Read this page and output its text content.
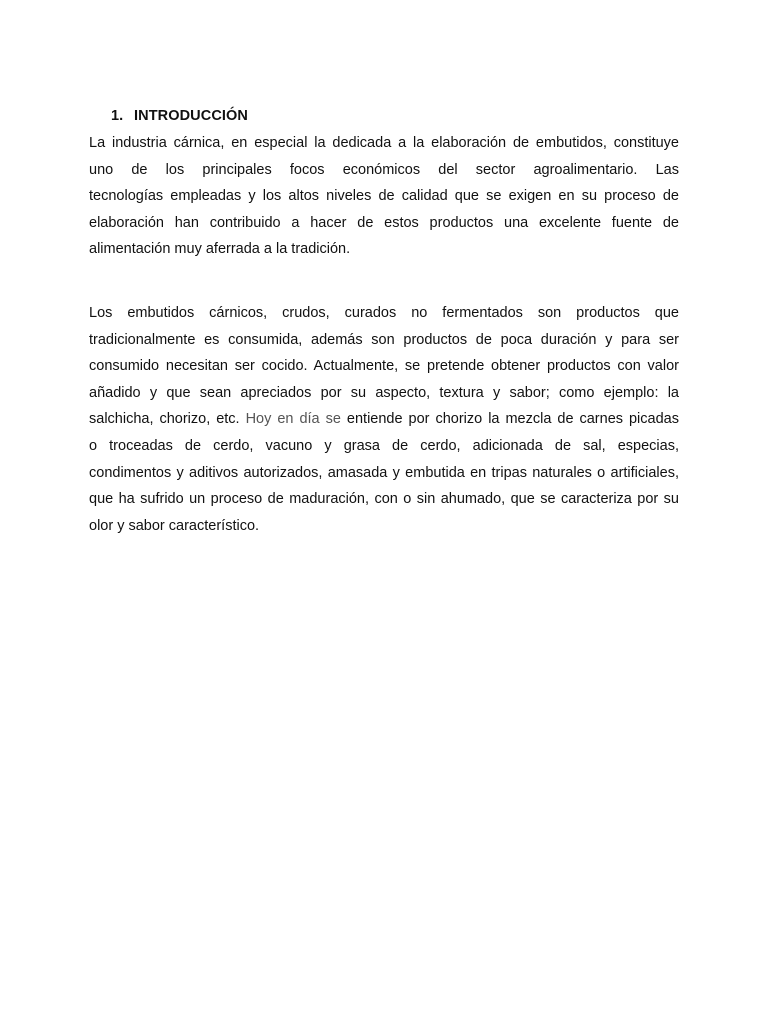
1. INTRODUCCIÓN

La industria cárnica, en especial la dedicada a la elaboración de embutidos, constituye
uno de los principales focos económicos del sector agroalimentario. Las
tecnologías empleadas y los altos niveles de calidad que se exigen en su proceso de
elaboración han contribuido a hacer de estos productos una excelente fuente de
alimentación muy aferrada a la tradición.

Los embutidos cárnicos, crudos, curados no fermentados son productos que
tradicionalmente es consumida, además son productos de poca duración y para ser
consumido necesitan ser cocido. Actualmente, se pretende obtener productos con valor
añadido y que sean apreciados por su aspecto, textura y sabor; como ejemplo: la
salchicha, chorizo, etc. Hoy en día se entiende por chorizo la mezcla de carnes picadas
o troceadas de cerdo, vacuno y grasa de cerdo, adicionada de sal, especias,
condimentos y aditivos autorizados, amasada y embutida en tripas naturales o artificiales,
que ha sufrido un proceso de maduración, con o sin ahumado, que se caracteriza por su
olor y sabor característico.
